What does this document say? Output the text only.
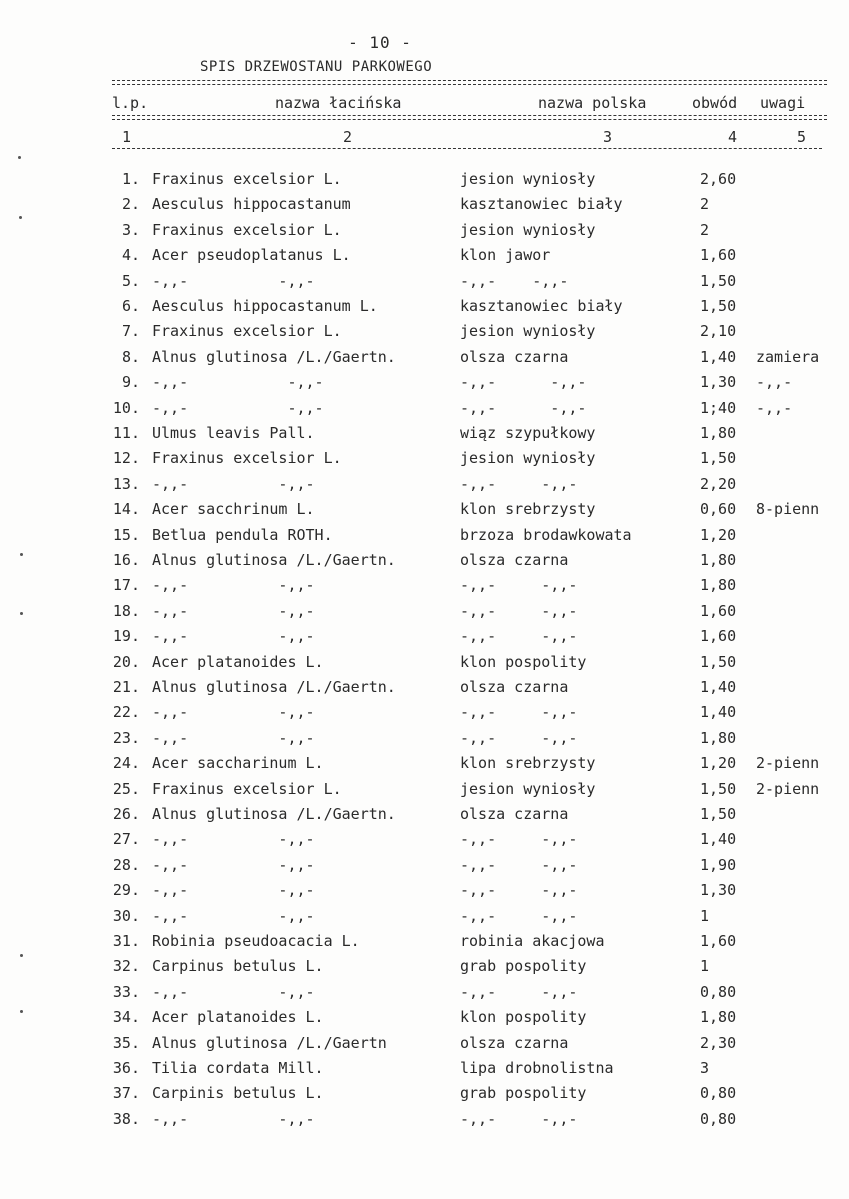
- 10 -
SPIS DRZEWOSTANU PARKOWEGO
l.p.	nazwa łacińska	nazwa polska	obwód uwagi
1	2	3	4	5
1. Fraxinus excelsior L.	jesion wyniosły	2,60
2. Aesculus hippocastanum	kasztanowiec biały	2
3. Fraxinus excelsior L.	jesion wyniosły	2
4. Acer pseudoplatanus L.	klon jawor	1,60
5. -,,-          -,,-	-,,-    -,,-	1,50
6. Aesculus hippocastanum L.	kasztanowiec biały	1,50
7. Fraxinus excelsior L.	jesion wyniosły	2,10
8. Alnus glutinosa /L./Gaertn.	olsza czarna	1,40 zamiera
9. -,,-           -,,-	-,,-      -,,-	1,30 -,,-
10. -,,-           -,,-	-,,-      -,,-	1;40 -,,-
11. Ulmus leavis Pall.	wiąz szypułkowy	1,80
12. Fraxinus excelsior L.	jesion wyniosły	1,50
13. -,,-          -,,-	-,,-     -,,-	2,20
14. Acer sacchrinum L.	klon srebrzysty	0,60 8-pienn
15. Betlua pendula ROTH.	brzoza brodawkowata	1,20
16. Alnus glutinosa /L./Gaertn.	olsza czarna	1,80
17. -,,-          -,,-	-,,-     -,,-	1,80
18. -,,-          -,,-	-,,-     -,,-	1,60
19. -,,-          -,,-	-,,-     -,,-	1,60
20. Acer platanoides L.	klon pospolity	1,50
21. Alnus glutinosa /L./Gaertn.	olsza czarna	1,40
22. -,,-          -,,-	-,,-     -,,-	1,40
23. -,,-          -,,-	-,,-     -,,-	1,80
24. Acer saccharinum L.	klon srebrzysty	1,20 2-pienn
25. Fraxinus excelsior L.	jesion wyniosły	1,50 2-pienn
26. Alnus glutinosa /L./Gaertn.	olsza czarna	1,50
27. -,,-          -,,-	-,,-     -,,-	1,40
28. -,,-          -,,-	-,,-     -,,-	1,90
29. -,,-          -,,-	-,,-     -,,-	1,30
30. -,,-          -,,-	-,,-     -,,-	1
31. Robinia pseudoacacia L.	robinia akacjowa	1,60
32. Carpinus betulus L.	grab pospolity	1
33. -,,-          -,,-	-,,-     -,,-	0,80
34. Acer platanoides L.	klon pospolity	1,80
35. Alnus glutinosa /L./Gaertn	olsza czarna	2,30
36. Tilia cordata Mill.	lipa drobnolistna	3
37. Carpinis betulus L.	grab pospolity	0,80
38. -,,-          -,,-	-,,-     -,,-	0,80
